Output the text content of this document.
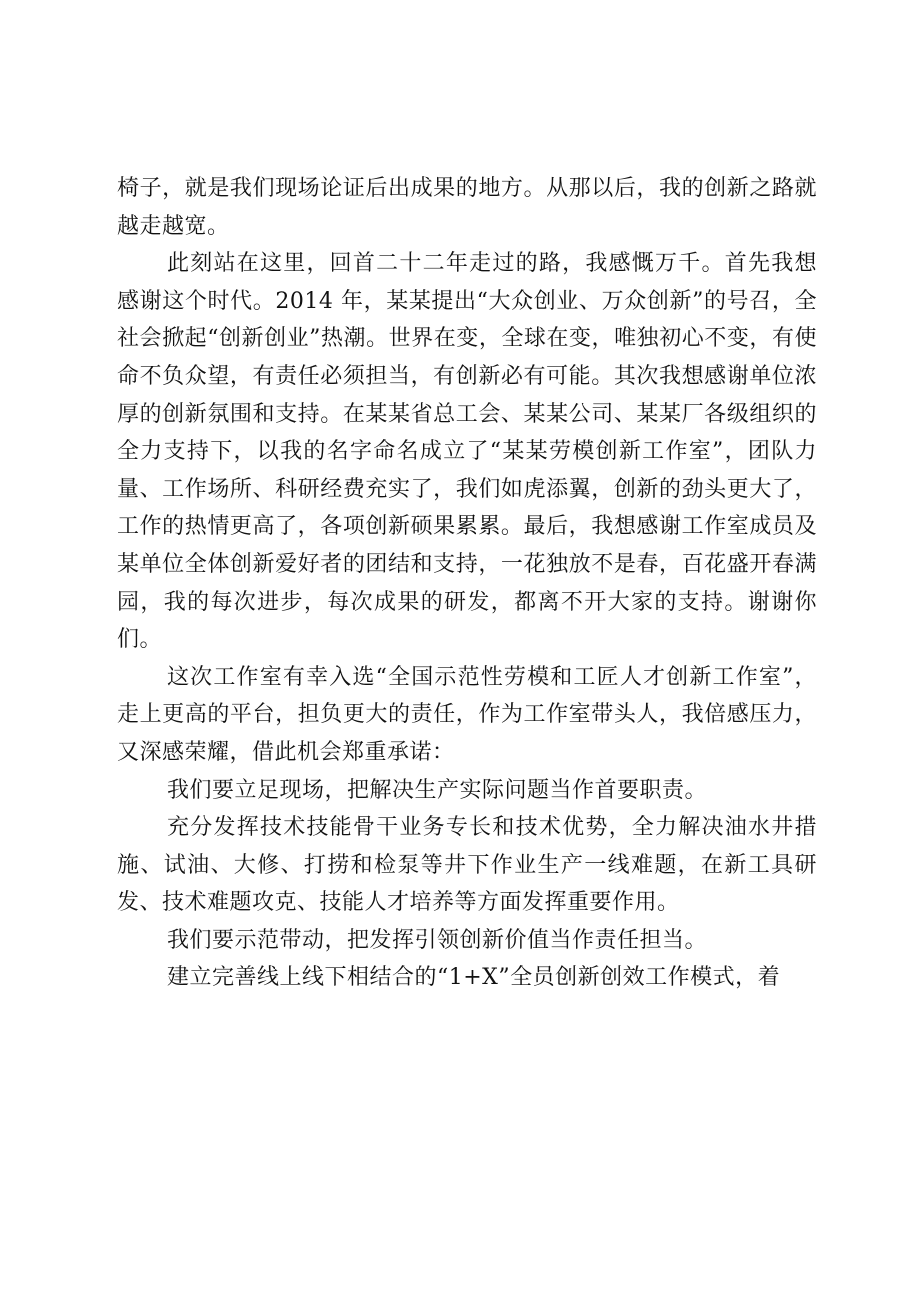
椅子，就是我们现场论证后出成果的地方。从那以后，我的创新之路就越走越宽。

此刻站在这里，回首二十二年走过的路，我感慨万千。首先我想感谢这个时代。2014 年，某某提出“大众创业、万众创新”的号召，全社会掀起“创新创业”热潮。世界在变，全球在变，唯独初心不变，有使命不负众望，有责任必须担当，有创新必有可能。其次我想感谢单位浓厚的创新氛围和支持。在某某省总工会、某某公司、某某厂各级组织的全力支持下，以我的名字命名成立了“某某劳模创新工作室”，团队力量、工作场所、科研经费充实了，我们如虎添翼，创新的劲头更大了，工作的热情更高了，各项创新硕果累累。最后，我想感谢工作室成员及某单位全体创新爱好者的团结和支持，一花独放不是春，百花盛开春满园，我的每次进步，每次成果的研发，都离不开大家的支持。谢谢你们。

这次工作室有幸入选“全国示范性劳模和工匠人才创新工作室”，走上更高的平台，担负更大的责任，作为工作室带头人，我倍感压力，又深感荣耀，借此机会郑重承诺：

我们要立足现场，把解决生产实际问题当作首要职责。

充分发挥技术技能骨干业务专长和技术优势，全力解决油水井措施、试油、大修、打捞和检泵等井下作业生产一线难题，在新工具研发、技术难题攻克、技能人才培养等方面发挥重要作用。

我们要示范带动，把发挥引领创新价值当作责任担当。

建立完善线上线下相结合的“1+X”全员创新创效工作模式，着
